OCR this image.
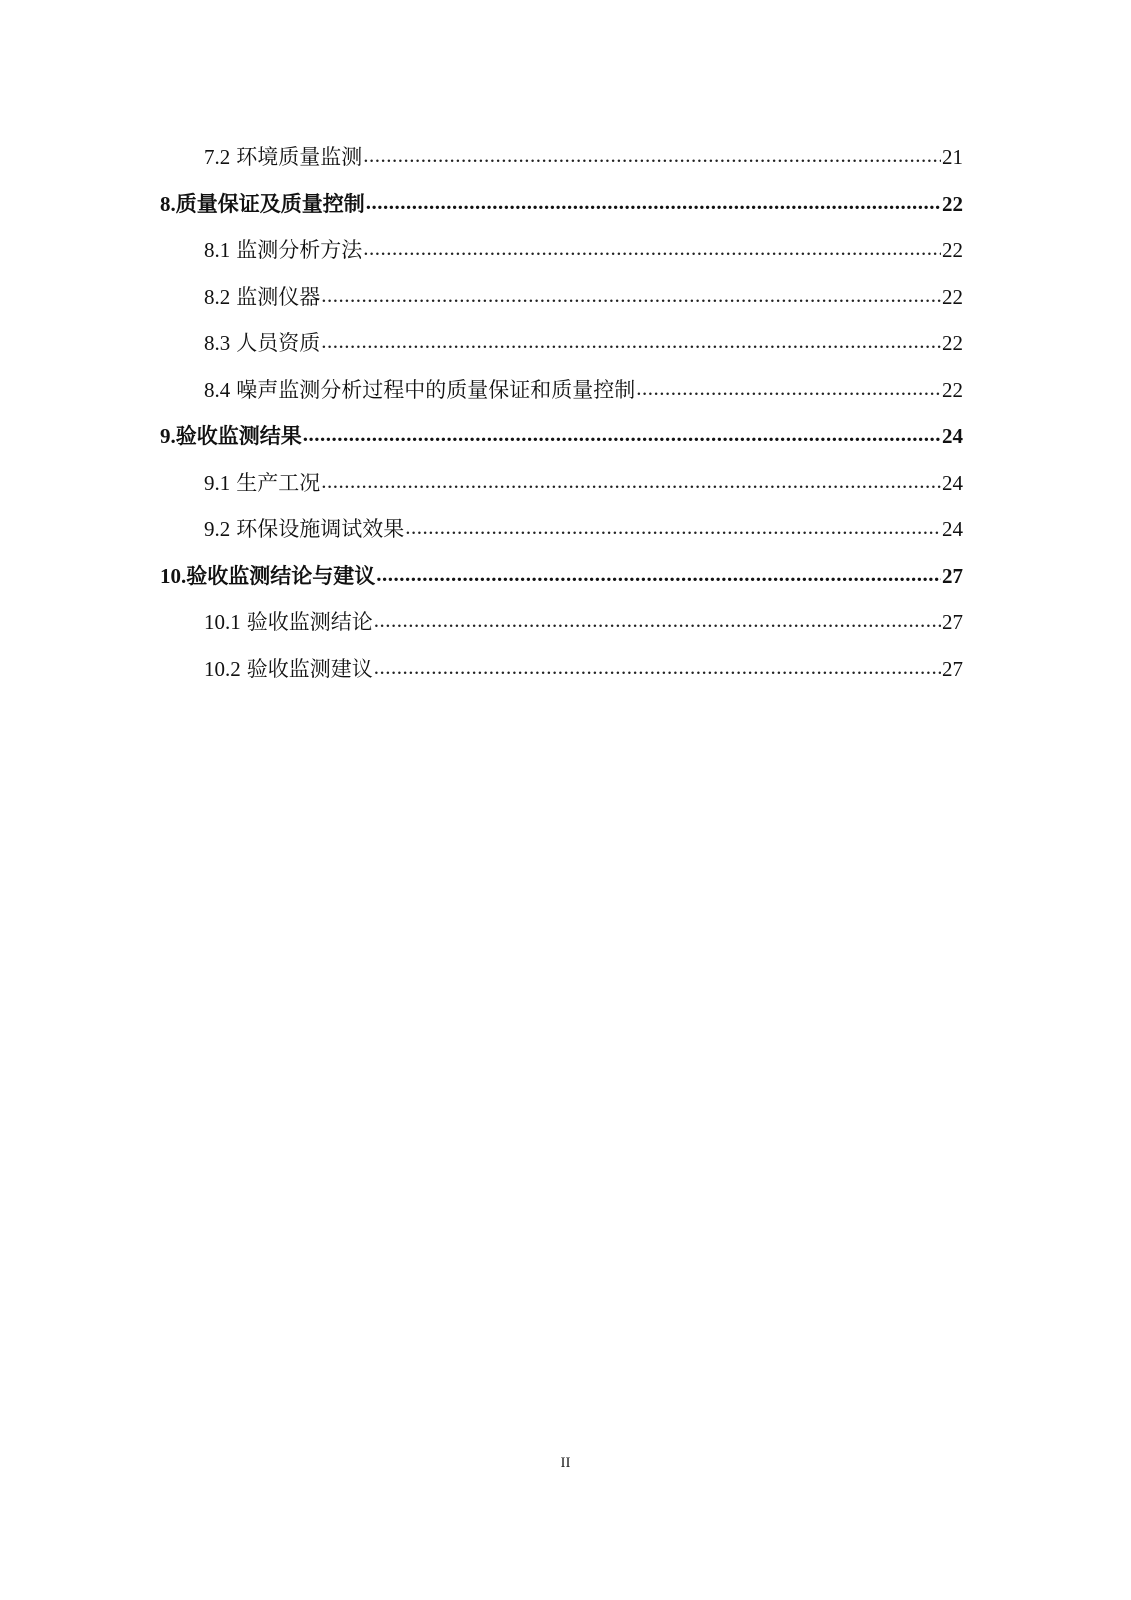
7.2 环境质量监测 .....	21
8. 质量保证及质量控制 .....	22
8.1 监测分析方法 .....	22
8.2 监测仪器 .....	22
8.3 人员资质 .....	22
8.4 噪声监测分析过程中的质量保证和质量控制 .....	22
9. 验收监测结果 .....	24
9.1 生产工况 .....	24
9.2 环保设施调试效果 .....	24
10. 验收监测结论与建议 .....	27
10.1 验收监测结论 .....	27
10.2 验收监测建议 .....	27
II
